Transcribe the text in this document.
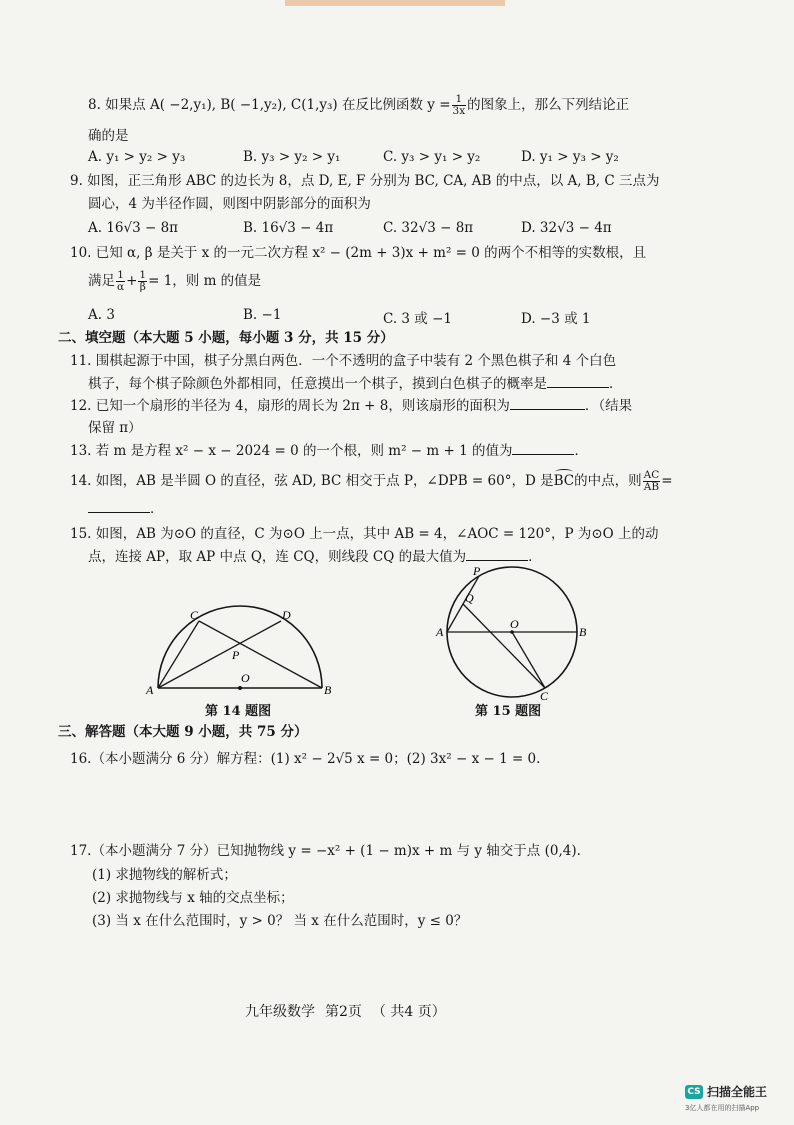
8. 如果点 A( −2,y₁), B( −1,y₂), C(1,y₃) 在反比例函数 $y = \frac{1}{3x}$ 的图象上，那么下列结论正
确的是
A. y₁ > y₂ > y₃	B. y₃ > y₂ > y₁	C. y₃ > y₁ > y₂	D. y₁ > y₃ > y₂
9. 如图，正三角形 ABC 的边长为 8，点 D, E, F 分别为 BC, CA, AB 的中点，以 A, B, C 三点为
圆心，4 为半径作圆，则图中阴影部分的面积为
A. 16√3 − 8π	B. 16√3 − 4π	C. 32√3 − 8π	D. 32√3 − 4π
10. 已知 α, β 是关于 x 的一元二次方程 x² − (2m + 3)x + m² = 0 的两个不相等的实数根，且
满足 $\frac{1}{\alpha} + \frac{1}{\beta} = 1$，则 m 的值是
A. 3	B. −1	C. 3 或 −1	D. −3 或 1
二、填空题（本大题 5 小题，每小题 3 分，共 15 分）
11. 围棋起源于中国，棋子分黑白两色．一个不透明的盒子中装有 2 个黑色棋子和 4 个白色
棋子，每个棋子除颜色外都相同，任意摸出一个棋子，摸到白色棋子的概率是	．
12. 已知一个扇形的半径为 4，扇形的周长为 2π + 8，则该扇形的面积为	．（结果
保留 π）
13. 若 m 是方程 x² − x − 2024 = 0 的一个根，则 m² − m + 1 的值为	．
14. 如图，AB 是半圆 O 的直径，弦 AD, BC 相交于点 P，∠DPB = 60°，D 是BC的中点，则 $\frac{AC}{AB}$ =
．
15. 如图，AB 为⊙O 的直径，C 为⊙O 上一点，其中 AB = 4，∠AOC = 120°，P 为⊙O 上的动
点，连接 AP，取 AP 中点 Q，连 CQ，则线段 CQ 的最大值为	．
A	B
C	D
P
O
第 14 题图
A	B
C
P
Q
O
第 15 题图
三、解答题（本大题 9 小题，共 75 分）
16.（本小题满分 6 分）解方程：(1) x² − 2√5 x = 0；(2) 3x² − x − 1 = 0.
17.（本小题满分 7 分）已知抛物线 y = −x² + (1 − m)x + m 与 y 轴交于点 (0,4).
(1) 求抛物线的解析式；
(2) 求抛物线与 x 轴的交点坐标；
(3) 当 x 在什么范围时，y > 0？ 当 x 在什么范围时，y ≤ 0？
九年级数学 第2页 （ 共4 页）
CS 扫描全能王
3亿人都在用的扫描App
